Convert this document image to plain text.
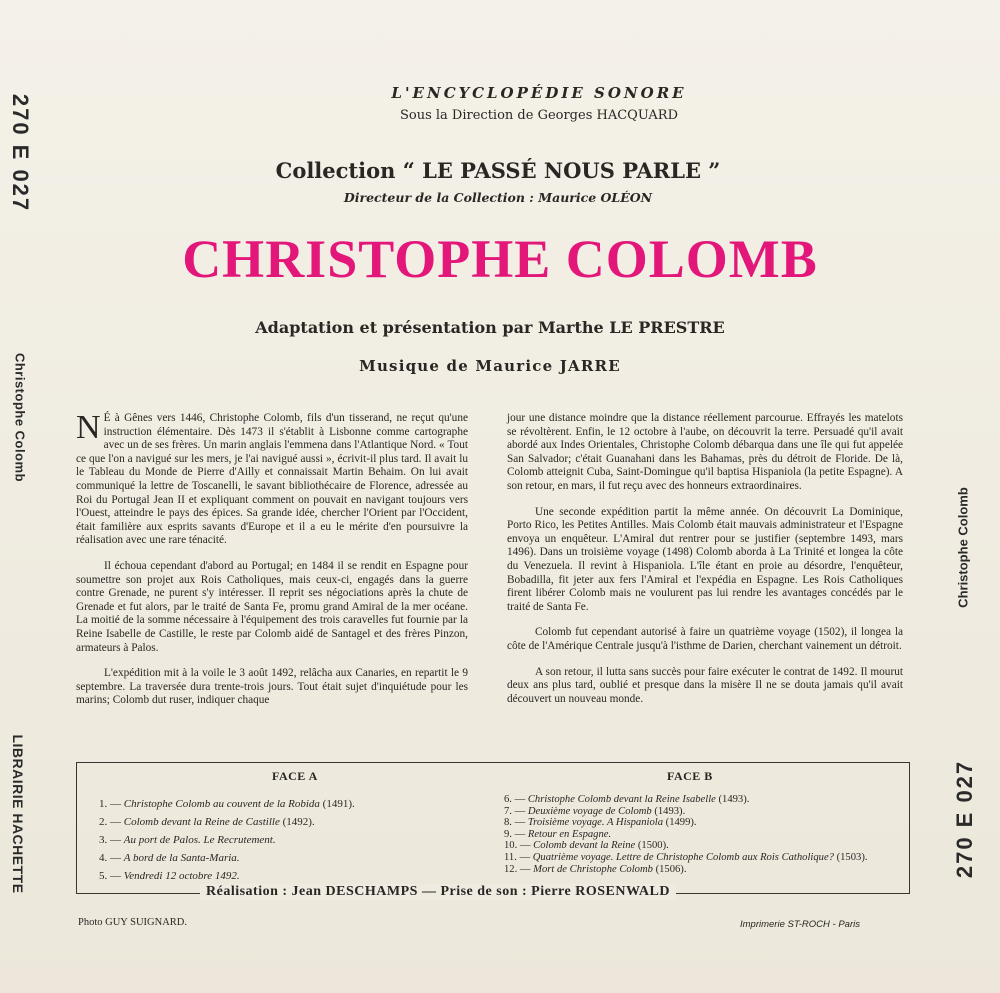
270 E 027
Christophe Colomb
LIBRAIRIE HACHETTE
Christophe Colomb
270 E 027
L'ENCYCLOPÉDIE SONORE
Sous la Direction de Georges HACQUARD
Collection “ LE PASSÉ NOUS PARLE ”
Directeur de la Collection : Maurice OLÉON
CHRISTOPHE COLOMB
Adaptation et présentation par Marthe LE PRESTRE
Musique de Maurice JARRE

N É à Gênes vers 1446, Christophe Colomb, fils d'un tisserand, ne reçut qu'une instruction élémentaire. Dès 1473 il s'établit à Lisbonne comme cartographe avec un de ses frères. Un marin anglais l'emmena dans l'Atlantique Nord. « Tout ce que l'on a navigué sur les mers, je l'ai navigué aussi », écrivit-il plus tard. Il avait lu le Tableau du Monde de Pierre d'Ailly et connaissait Martin Behaim. On lui avait communiqué la lettre de Toscanelli, le savant bibliothécaire de Florence, adressée au Roi du Portugal Jean II et expliquant comment on pouvait en navigant toujours vers l'Ouest, atteindre le pays des épices. Sa grande idée, chercher l'Orient par l'Occident, était familière aux esprits savants d'Europe et il a eu le mérite d'en poursuivre la réalisation avec une rare ténacité.

Il échoua cependant d'abord au Portugal; en 1484 il se rendit en Espagne pour soumettre son projet aux Rois Catholiques, mais ceux-ci, engagés dans la guerre contre Grenade, ne purent s'y intéresser. Il reprit ses négociations après la chute de Grenade et fut alors, par le traité de Santa Fe, promu grand Amiral de la mer océane. La moitié de la somme nécessaire à l'équipement des trois caravelles fut fournie par la Reine Isabelle de Castille, le reste par Colomb aidé de Santagel et des frères Pinzon, armateurs à Palos.

L'expédition mit à la voile le 3 août 1492, relâcha aux Canaries, en repartit le 9 septembre. La traversée dura trente-trois jours. Tout était sujet d'inquiétude pour les marins; Colomb dut ruser, indiquer chaque

jour une distance moindre que la distance réellement parcourue. Effrayés les matelots se révoltèrent. Enfin, le 12 octobre à l'aube, on découvrit la terre. Persuadé qu'il avait abordé aux Indes Orientales, Christophe Colomb débarqua dans une île qui fut appelée San Salvador; c'était Guanahani dans les Bahamas, près du détroit de Floride. De là, Colomb atteignit Cuba, Saint-Domingue qu'il baptisa Hispaniola (la petite Espagne). A son retour, en mars, il fut reçu avec des honneurs extraordinaires.

Une seconde expédition partit la même année. On découvrit La Dominique, Porto Rico, les Petites Antilles. Mais Colomb était mauvais administrateur et l'Espagne envoya un enquêteur. L'Amiral dut rentrer pour se justifier (septembre 1493, mars 1496). Dans un troisième voyage (1498) Colomb aborda à La Trinité et longea la côte du Venezuela. Il revint à Hispaniola. L'île étant en proie au désordre, l'enquêteur, Bobadilla, fit jeter aux fers l'Amiral et l'expédia en Espagne. Les Rois Catholiques firent libérer Colomb mais ne voulurent pas lui rendre les avantages concédés par le traité de Santa Fe.

Colomb fut cependant autorisé à faire un quatrième voyage (1502), il longea la côte de l'Amérique Centrale jusqu'à l'isthme de Darien, cherchant vainement un détroit.

A son retour, il lutta sans succès pour faire exécuter le contrat de 1492. Il mourut deux ans plus tard, oublié et presque dans la misère Il ne se douta jamais qu'il avait découvert un nouveau monde.

FACE A	FACE B
1. — Christophe Colomb au couvent de la Robida (1491).
2. — Colomb devant la Reine de Castille (1492).
3. — Au port de Palos. Le Recrutement.
4. — A bord de la Santa-Maria.
5. — Vendredi 12 octobre 1492.
6. — Christophe Colomb devant la Reine Isabelle (1493).
7. — Deuxième voyage de Colomb (1493).
8. — Troisième voyage. A Hispaniola (1499).
9. — Retour en Espagne.
10. — Colomb devant la Reine (1500).
11. — Quatrième voyage. Lettre de Christophe Colomb aux Rois Catholique? (1503).
12. — Mort de Christophe Colomb (1506).
Réalisation : Jean DESCHAMPS — Prise de son : Pierre ROSENWALD
Photo GUY SUIGNARD.	Imprimerie ST-ROCH - Paris
